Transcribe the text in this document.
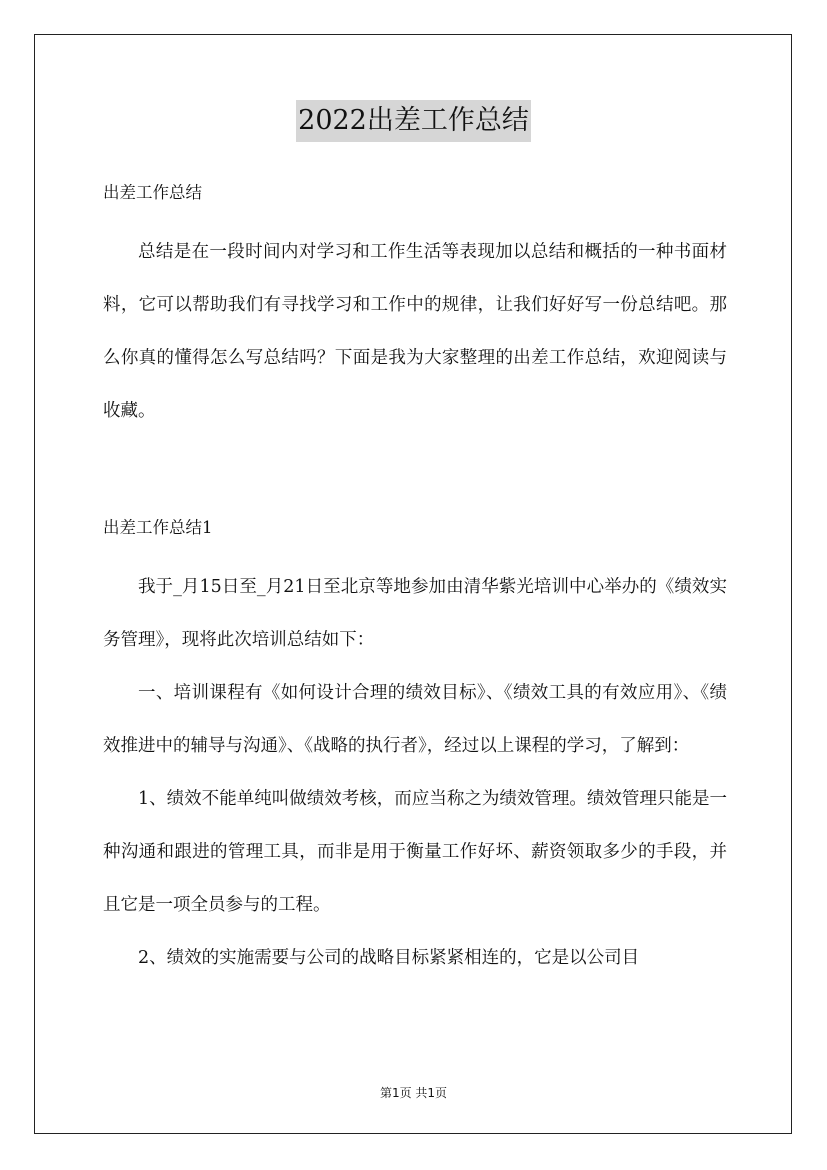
2022出差工作总结

出差工作总结

总结是在一段时间内对学习和工作生活等表现加以总结和概括的一种书面材料，它可以帮助我们有寻找学习和工作中的规律，让我们好好写一份总结吧。那么你真的懂得怎么写总结吗？下面是我为大家整理的出差工作总结，欢迎阅读与收藏。

出差工作总结1

我于_月15日至_月21日至北京等地参加由清华紫光培训中心举办的《绩效实务管理》，现将此次培训总结如下：

一、培训课程有《如何设计合理的绩效目标》、《绩效工具的有效应用》、《绩效推进中的辅导与沟通》、《战略的执行者》，经过以上课程的学习，了解到：

1、绩效不能单纯叫做绩效考核，而应当称之为绩效管理。绩效管理只能是一种沟通和跟进的管理工具，而非是用于衡量工作好坏、薪资领取多少的手段，并且它是一项全员参与的工程。

2、绩效的实施需要与公司的战略目标紧紧相连的，它是以公司目

第1页 共1页
